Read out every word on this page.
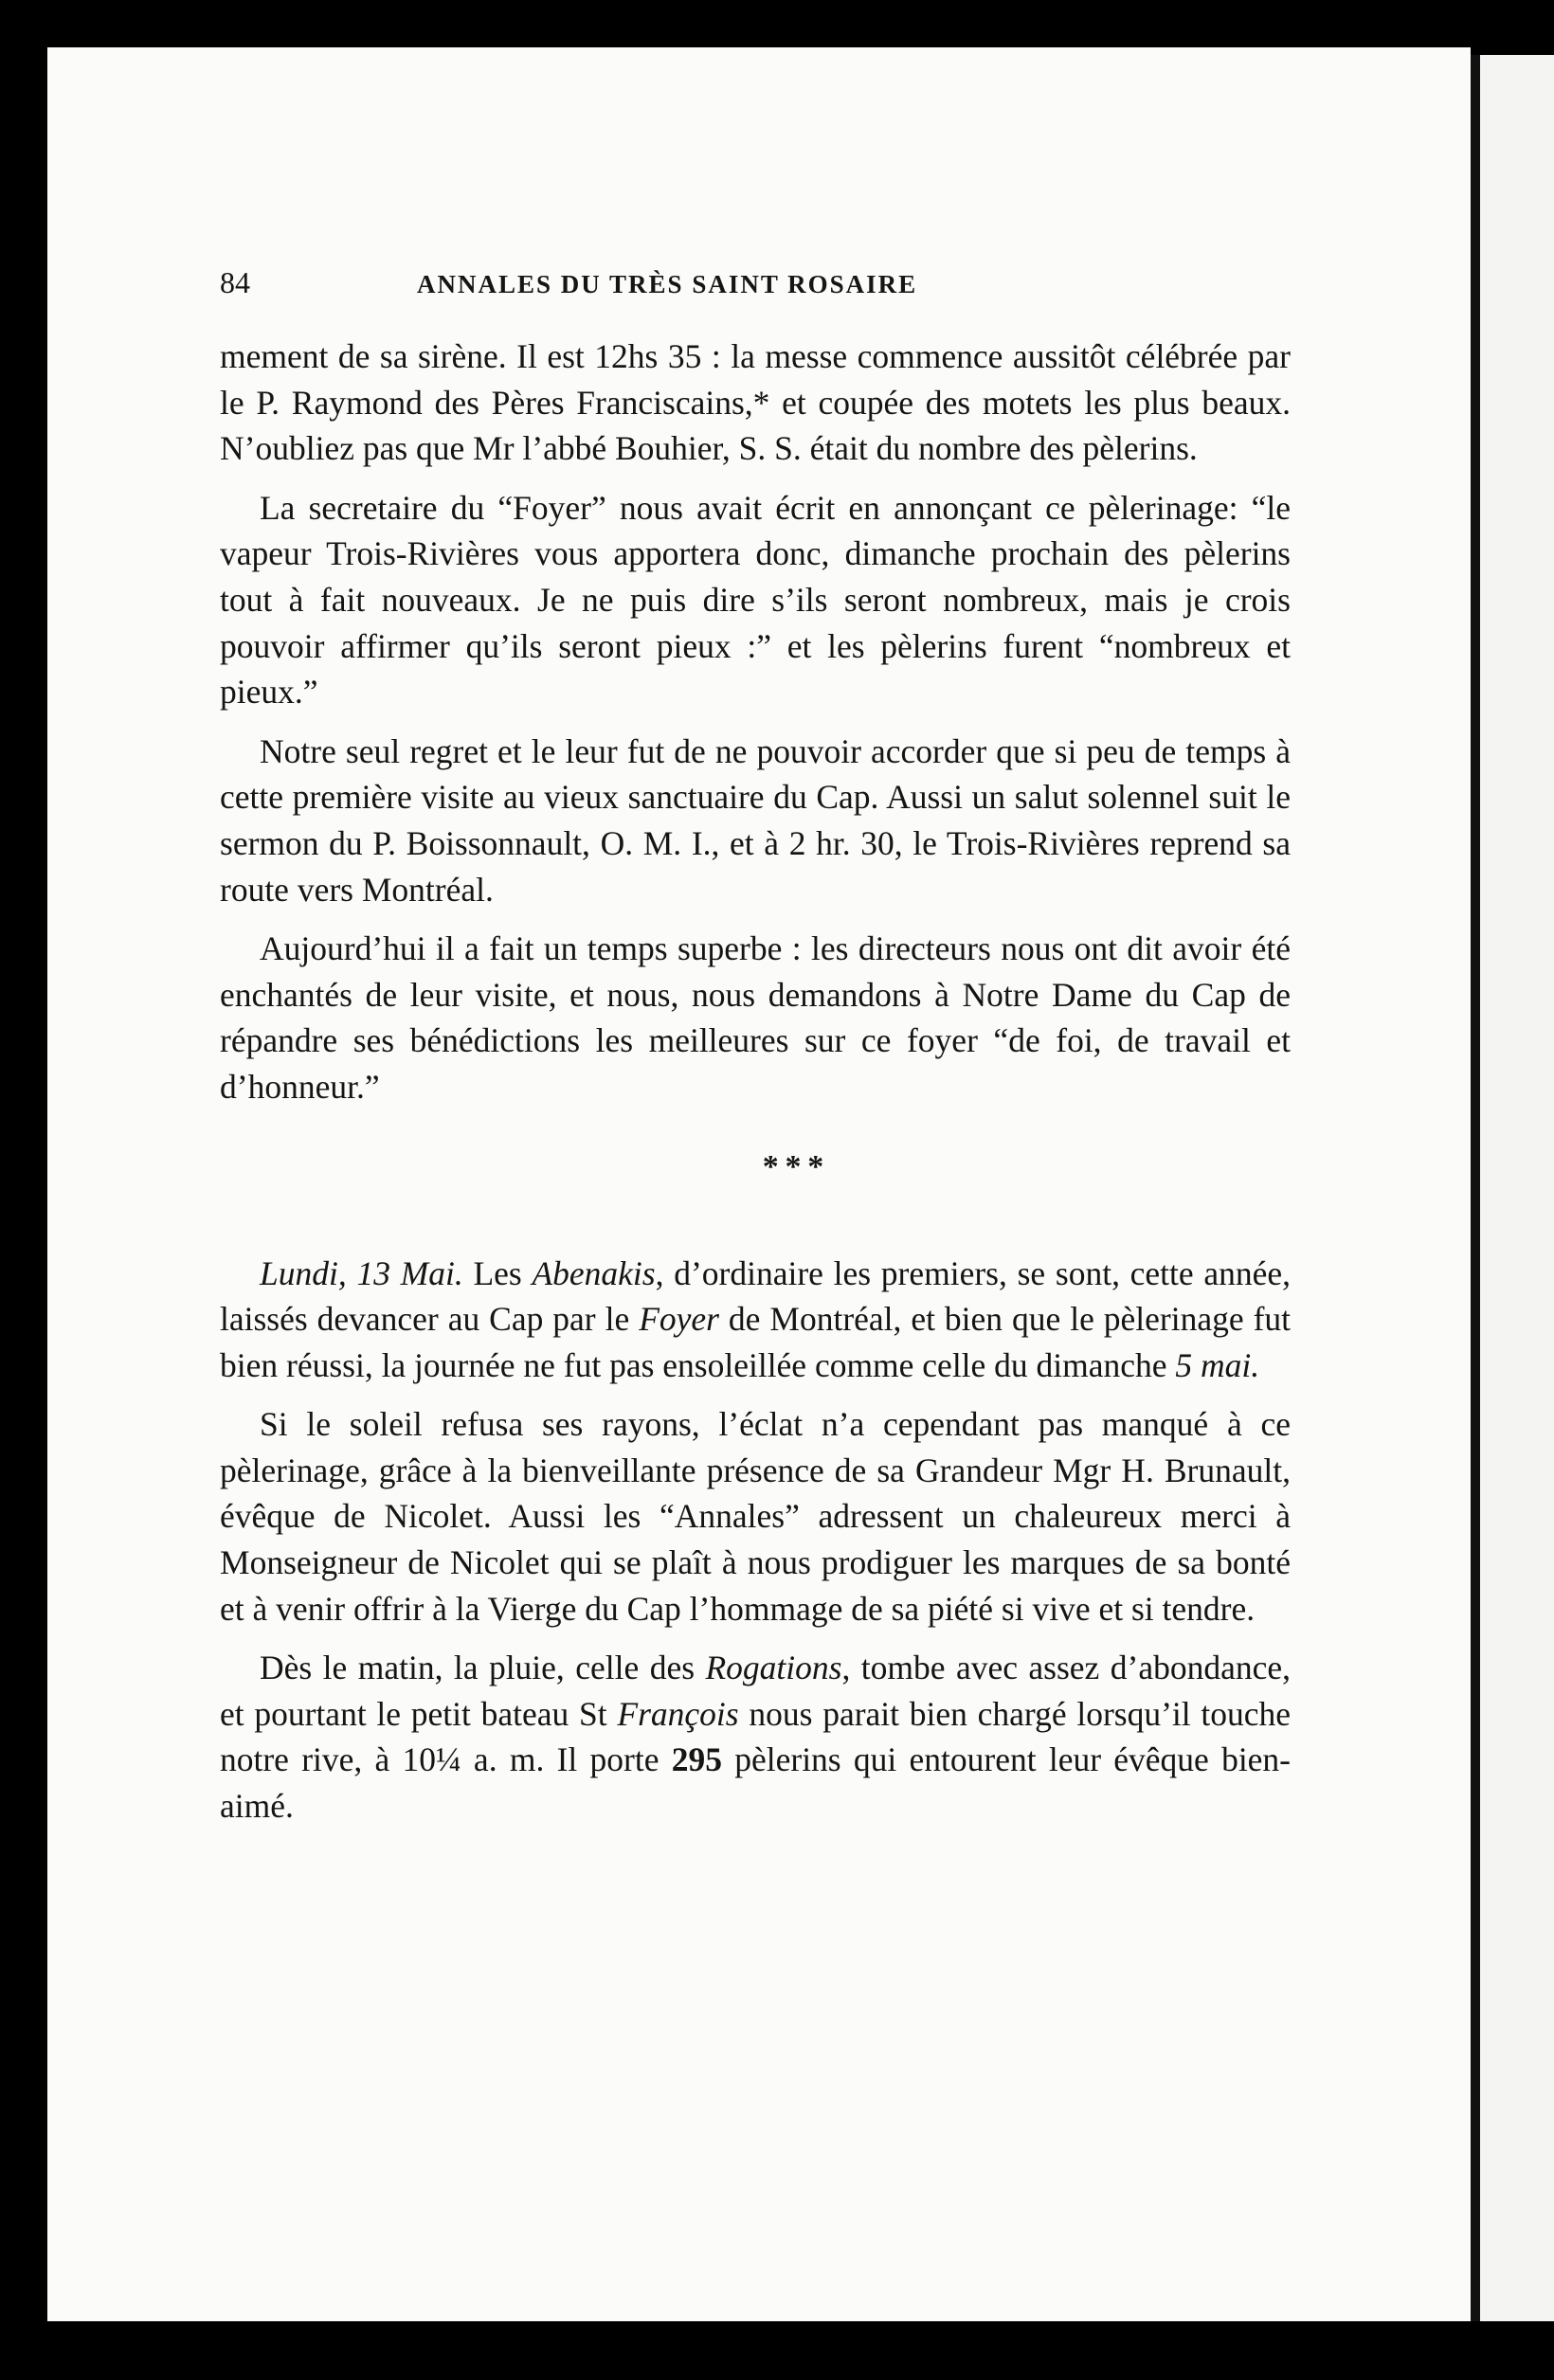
84	ANNALES DU TRÈS SAINT ROSAIRE

mement de sa sirène. Il est 12hs 35 : la messe commence aussitôt célébrée par le P. Raymond des Pères Franciscains,* et coupée des motets les plus beaux. N’oubliez pas que Mr l’abbé Bouhier, S. S. était du nombre des pèlerins.

La secretaire du “Foyer” nous avait écrit en annonçant ce pèlerinage: “le vapeur Trois-Rivières vous apportera donc, dimanche prochain des pèlerins tout à fait nouveaux. Je ne puis dire s’ils seront nombreux, mais je crois pouvoir affirmer qu’ils seront pieux :” et les pèlerins furent “nombreux et pieux.”

Notre seul regret et le leur fut de ne pouvoir accorder que si peu de temps à cette première visite au vieux sanctuaire du Cap. Aussi un salut solennel suit le sermon du P. Boissonnault, O. M. I., et à 2 hr. 30, le Trois-Rivières reprend sa route vers Montréal.

Aujourd’hui il a fait un temps superbe : les directeurs nous ont dit avoir été enchantés de leur visite, et nous, nous demandons à Notre Dame du Cap de répandre ses bénédictions les meilleures sur ce foyer “de foi, de travail et d’honneur.”

* * *

Lundi, 13 Mai. Les Abenakis, d’ordinaire les premiers, se sont, cette année, laissés devancer au Cap par le Foyer de Montréal, et bien que le pèlerinage fut bien réussi, la journée ne fut pas ensoleillée comme celle du dimanche 5 mai.

Si le soleil refusa ses rayons, l’éclat n’a cependant pas manqué à ce pèlerinage, grâce à la bienveillante présence de sa Grandeur Mgr H. Brunault, évêque de Nicolet. Aussi les “Annales” adressent un chaleureux merci à Monseigneur de Nicolet qui se plaît à nous prodiguer les marques de sa bonté et à venir offrir à la Vierge du Cap l’hommage de sa piété si vive et si tendre.

Dès le matin, la pluie, celle des Rogations, tombe avec assez d’abondance, et pourtant le petit bateau St François nous parait bien chargé lorsqu’il touche notre rive, à 10¼ a. m. Il porte 295 pèlerins qui entourent leur évêque bien-aimé.
